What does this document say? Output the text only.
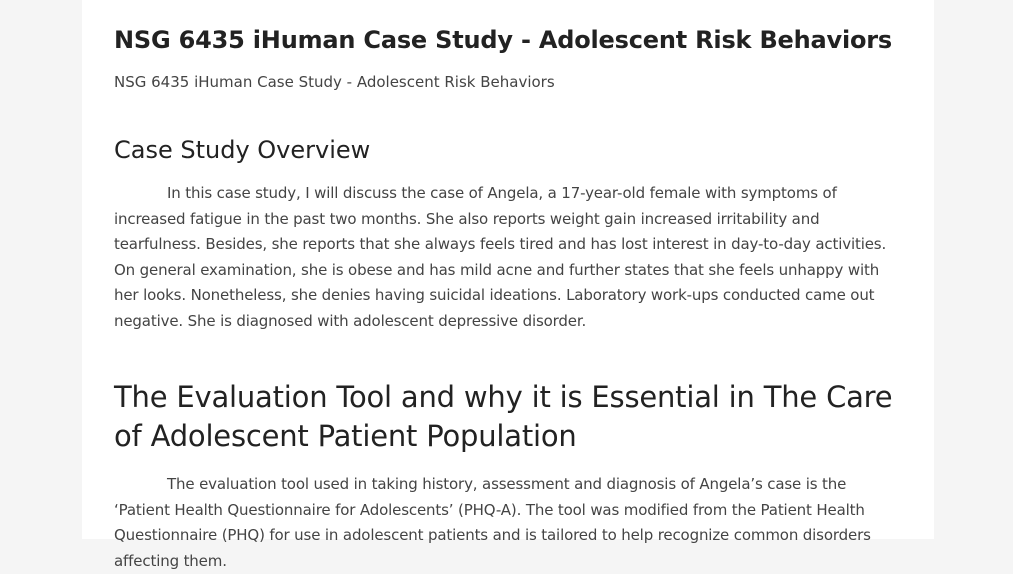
NSG 6435 iHuman Case Study - Adolescent Risk Behaviors
NSG 6435 iHuman Case Study - Adolescent Risk Behaviors
Case Study Overview

In this case study, I will discuss the case of Angela, a 17-year-old female with symptoms of increased fatigue in the past two months. She also reports weight gain increased irritability and tearfulness. Besides, she reports that she always feels tired and has lost interest in day-to-day activities. On general examination, she is obese and has mild acne and further states that she feels unhappy with her looks. Nonetheless, she denies having suicidal ideations. Laboratory work-ups conducted came out negative. She is diagnosed with adolescent depressive disorder.

The Evaluation Tool and why it is Essential in The Care of Adolescent Patient Population

The evaluation tool used in taking history, assessment and diagnosis of Angela’s case is the ‘Patient Health Questionnaire for Adolescents’ (PHQ-A). The tool was modified from the Patient Health Questionnaire (PHQ) for use in adolescent patients and is tailored to help recognize common disorders affecting them.
